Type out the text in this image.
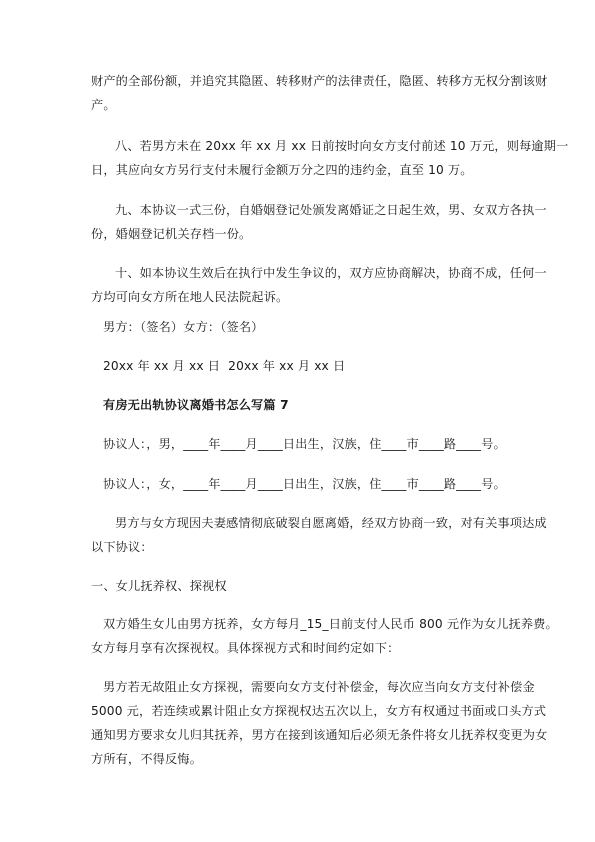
财产的全部份额，并追究其隐匿、转移财产的法律责任，隐匿、转移方无权分割该财
产。
八、若男方未在 20xx 年 xx 月 xx 日前按时向女方支付前述 10 万元，则每逾期一
日，其应向女方另行支付未履行金额万分之四的违约金，直至 10 万。
九、本协议一式三份，自婚姻登记处颁发离婚证之日起生效，男、女双方各执一
份，婚姻登记机关存档一份。
十、如本协议生效后在执行中发生争议的，双方应协商解决，协商不成，任何一
方均可向女方所在地人民法院起诉。
男方：（签名）女方：（签名）
20xx 年 xx 月 xx 日  20xx 年 xx 月 xx 日
有房无出轨协议离婚书怎么写篇 7
协议人：，男，____年____月____日出生，汉族，住____市____路____号。
协议人：，女，____年____月____日出生，汉族，住____市____路____号。
男方与女方现因夫妻感情彻底破裂自愿离婚，经双方协商一致，对有关事项达成
以下协议：
一、女儿抚养权、探视权
双方婚生女儿由男方抚养，女方每月_15_日前支付人民币 800 元作为女儿抚养费。
女方每月享有次探视权。具体探视方式和时间约定如下：
男方若无故阻止女方探视，需要向女方支付补偿金，每次应当向女方支付补偿金
5000 元，若连续或累计阻止女方探视权达五次以上，女方有权通过书面或口头方式
通知男方要求女儿归其抚养，男方在接到该通知后必须无条件将女儿抚养权变更为女
方所有，不得反悔。
